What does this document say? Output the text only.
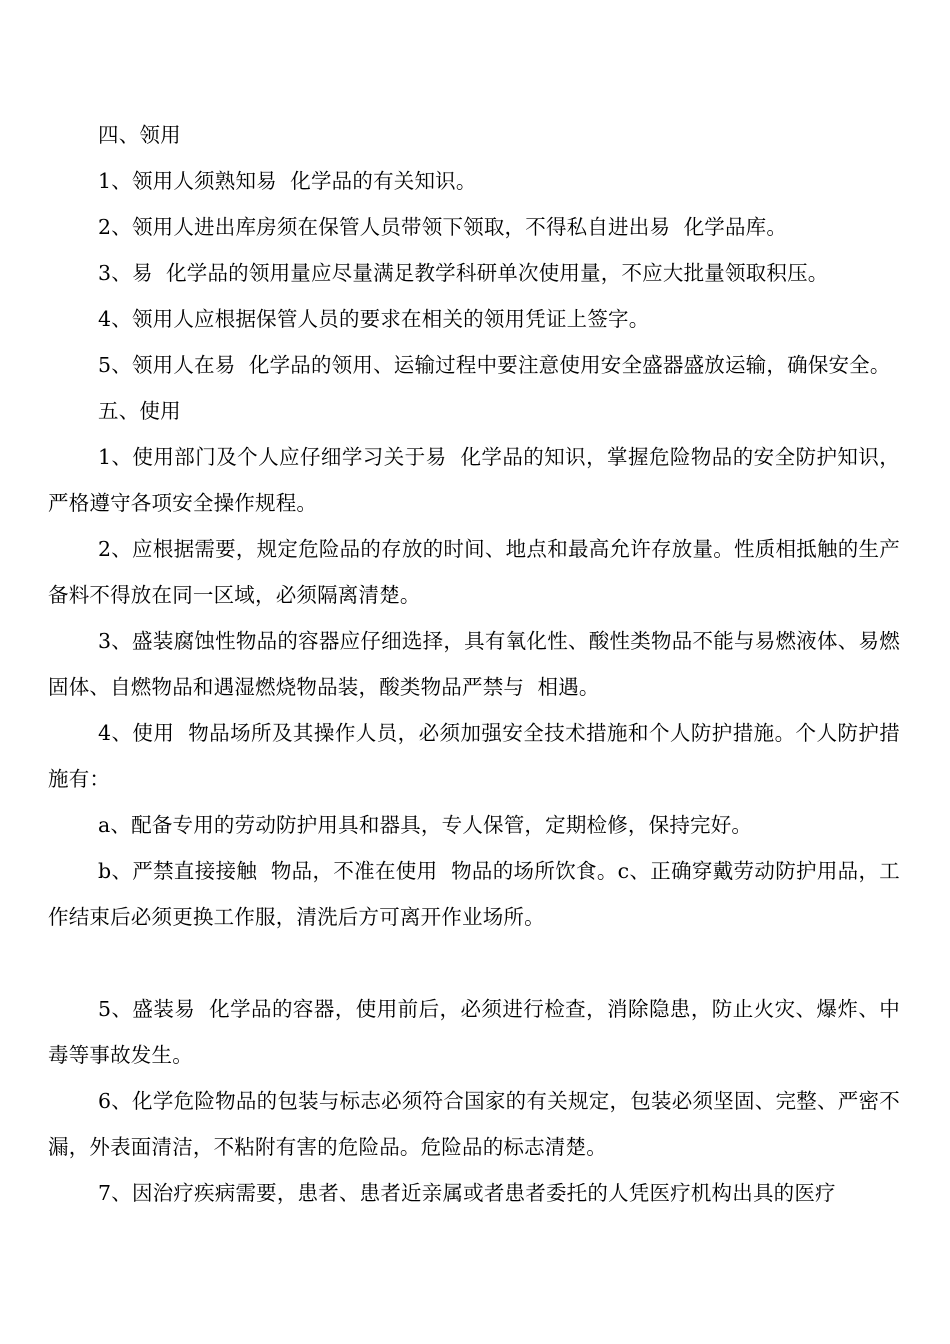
四、领用

1、领用人须熟知易  化学品的有关知识。

2、领用人进出库房须在保管人员带领下领取，不得私自进出易  化学品库。

3、易  化学品的领用量应尽量满足教学科研单次使用量，不应大批量领取积压。

4、领用人应根据保管人员的要求在相关的领用凭证上签字。

5、领用人在易  化学品的领用、运输过程中要注意使用安全盛器盛放运输，确保安全。

五、使用

1、使用部门及个人应仔细学习关于易  化学品的知识，掌握危险物品的安全防护知识，严格遵守各项安全操作规程。

2、应根据需要，规定危险品的存放的时间、地点和最高允许存放量。性质相抵触的生产备料不得放在同一区域，必须隔离清楚。

3、盛装腐蚀性物品的容器应仔细选择，具有氧化性、酸性类物品不能与易燃液体、易燃固体、自燃物品和遇湿燃烧物品装，酸类物品严禁与  相遇。

4、使用  物品场所及其操作人员，必须加强安全技术措施和个人防护措施。个人防护措施有：

a、配备专用的劳动防护用具和器具，专人保管，定期检修，保持完好。

b、严禁直接接触  物品，不准在使用  物品的场所饮食。c、正确穿戴劳动防护用品，工作结束后必须更换工作服，清洗后方可离开作业场所。

5、盛装易  化学品的容器，使用前后，必须进行检查，消除隐患，防止火灾、爆炸、中毒等事故发生。

6、化学危险物品的包装与标志必须符合国家的有关规定，包装必须坚固、完整、严密不漏，外表面清洁，不粘附有害的危险品。危险品的标志清楚。

7、因治疗疾病需要，患者、患者近亲属或者患者委托的人凭医疗机构出具的医疗
